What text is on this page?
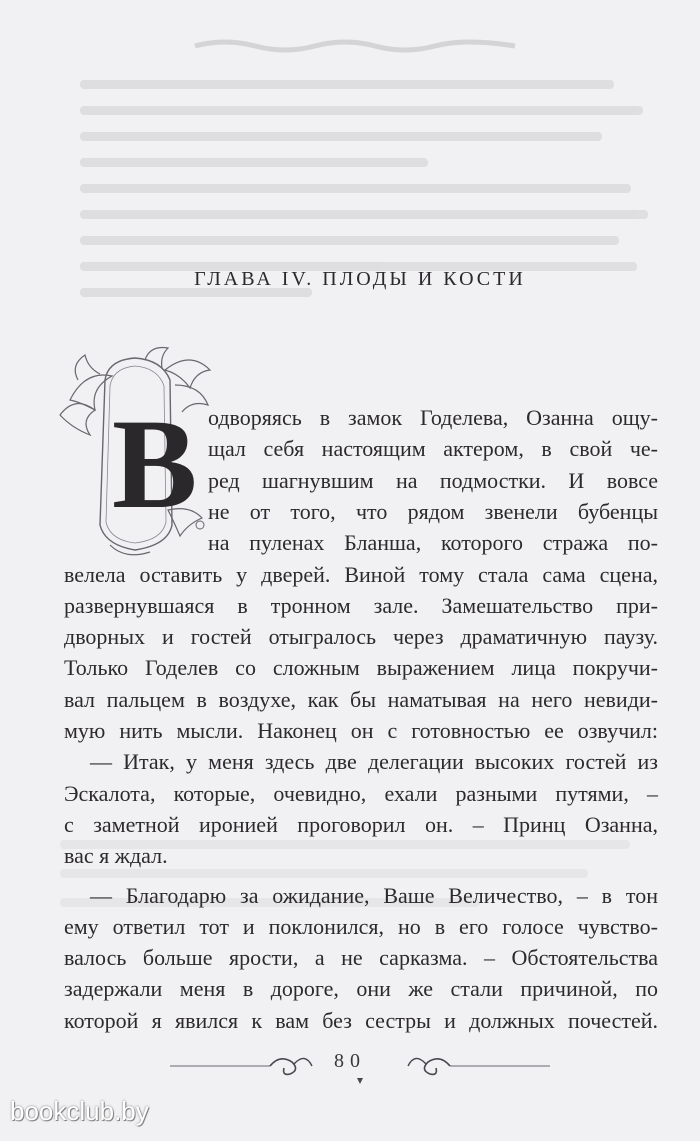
ГЛАВА IV. ПЛОДЫ И КОСТИ
В одворяясь в замок Годелева, Озанна ощу-
щал себя настоящим актером, в свой че-
ред шагнувшим на подмостки. И вовсе
не от того, что рядом звенели бубенцы
на пуленах Бланша, которого стража по-
велела оставить у дверей. Виной тому стала сама сцена,
развернувшаяся в тронном зале. Замешательство при-
дворных и гостей отыгралось через драматичную паузу.
Только Годелев со сложным выражением лица покручи-
вал пальцем в воздухе, как бы наматывая на него невиди-
мую нить мысли. Наконец он с готовностью ее озвучил:
— Итак, у меня здесь две делегации высоких гостей из
Эскалота, которые, очевидно, ехали разными путями, –
с заметной иронией проговорил он. – Принц Озанна,
вас я ждал.
— Благодарю за ожидание, Ваше Величество, – в тон
ему ответил тот и поклонился, но в его голосе чувство-
валось больше ярости, а не сарказма. – Обстоятельства
80
bookclub.by
задержали меня в дороге, они же стали причиной, по
которой я явился к вам без сестры и должных почестей.
